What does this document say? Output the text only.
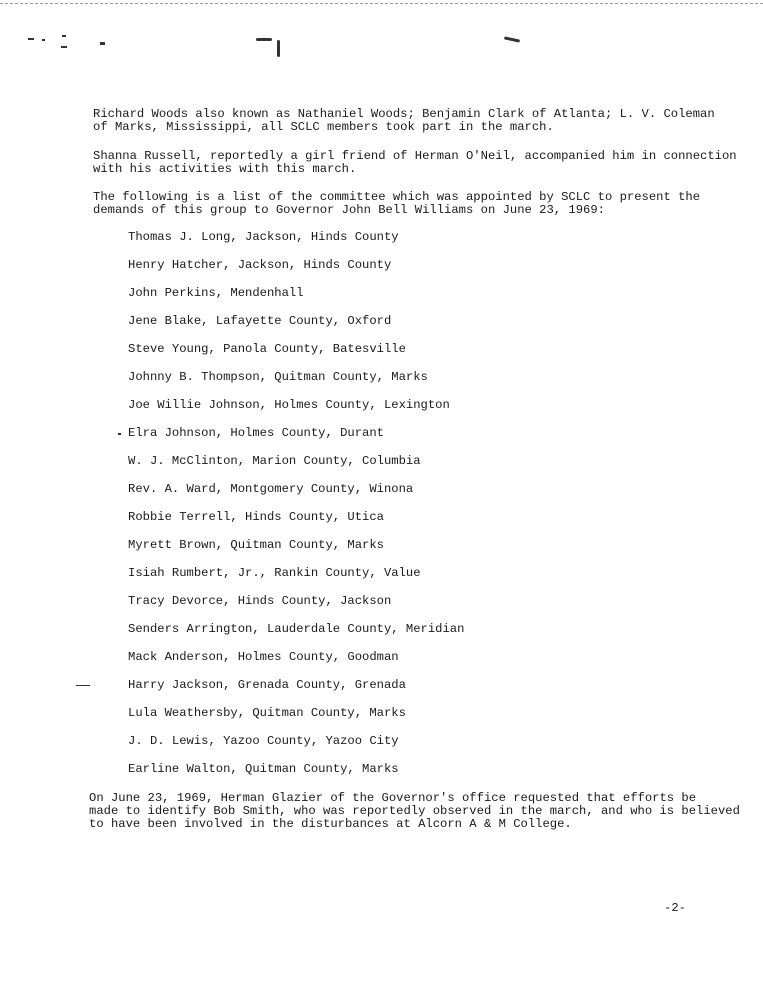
Richard Woods also known as Nathaniel Woods; Benjamin Clark of Atlanta; L. V. Coleman
of Marks, Mississippi, all SCLC members took part in the march.

Shanna Russell, reportedly a girl friend of Herman O'Neil, accompanied him in connection
with his activities with this march.

The following is a list of the committee which was appointed by SCLC to present the
demands of this group to Governor John Bell Williams on June 23, 1969:

Thomas J. Long, Jackson, Hinds County
Henry Hatcher, Jackson, Hinds County
John Perkins, Mendenhall
Jene Blake, Lafayette County, Oxford
Steve Young, Panola County, Batesville
Johnny B. Thompson, Quitman County, Marks
Joe Willie Johnson, Holmes County, Lexington
Elra Johnson, Holmes County, Durant
W. J. McClinton, Marion County, Columbia
Rev. A. Ward, Montgomery County, Winona
Robbie Terrell, Hinds County, Utica
Myrett Brown, Quitman County, Marks
Isiah Rumbert, Jr., Rankin County, Value
Tracy Devorce, Hinds County, Jackson
Senders Arrington, Lauderdale County, Meridian
Mack Anderson, Holmes County, Goodman
Harry Jackson, Grenada County, Grenada
Lula Weathersby, Quitman County, Marks
J. D. Lewis, Yazoo County, Yazoo City
Earline Walton, Quitman County, Marks

On June 23, 1969, Herman Glazier of the Governor's office requested that efforts be
made to identify Bob Smith, who was reportedly observed in the march, and who is believed
to have been involved in the disturbances at Alcorn A & M College.

-2-
